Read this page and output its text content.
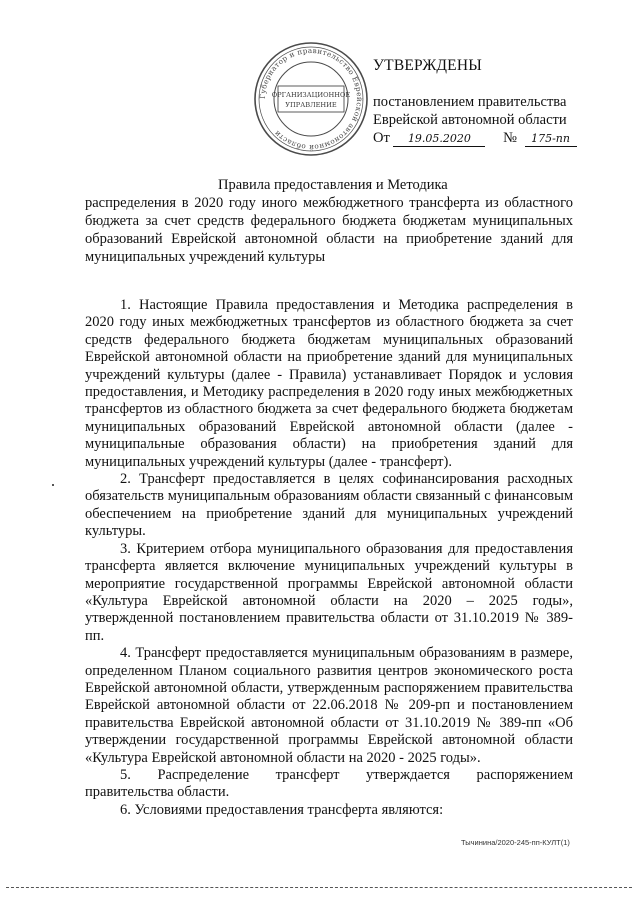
Губернатор и правительство Еврейской автономной области
ОРГАНИЗАЦИОННОЕ
УПРАВЛЕНИЕ
УТВЕРЖДЕНЫ
постановлением правительства
Еврейской автономной области
От 19.05.2020 № 175-пп
Правила предоставления и Методика
распределения в 2020 году иного межбюджетного трансферта из областного бюджета за счет средств федерального бюджета бюджетам муниципальных образований Еврейской автономной области на приобретение зданий для муниципальных учреждений культуры

1. Настоящие Правила предоставления и Методика распределения в 2020 году иных межбюджетных трансфертов из областного бюджета за счет средств федерального бюджета бюджетам муниципальных образований Еврейской автономной области на приобретение зданий для муниципальных учреждений культуры (далее - Правила) устанавливает Порядок и условия предоставления, и Методику распределения в 2020 году иных межбюджетных трансфертов из областного бюджета за счет федерального бюджета бюджетам муниципальных образований Еврейской автономной области (далее - муниципальные образования области) на приобретения зданий для муниципальных учреждений культуры (далее - трансферт).

2. Трансферт предоставляется в целях софинансирования расходных обязательств муниципальным образованиям области связанный с финансовым обеспечением на приобретение зданий для муниципальных учреждений культуры.

3. Критерием отбора муниципального образования для предоставления трансферта является включение муниципальных учреждений культуры в мероприятие государственной программы Еврейской автономной области «Культура Еврейской автономной области на 2020 – 2025 годы», утвержденной постановлением правительства области от 31.10.2019 № 389-пп.

4. Трансферт предоставляется муниципальным образованиям в размере, определенном Планом социального развития центров экономического роста Еврейской автономной области, утвержденным распоряжением правительства Еврейской автономной области от 22.06.2018 № 209-рп и постановлением правительства Еврейской автономной области от 31.10.2019 № 389-пп «Об утверждении государственной программы Еврейской автономной области «Культура Еврейской автономной области на 2020 - 2025 годы».

5. Распределение трансферт утверждается распоряжением правительства области.

6. Условиями предоставления трансферта являются:

Тычинина/2020-245-пп-КУЛТ(1)
